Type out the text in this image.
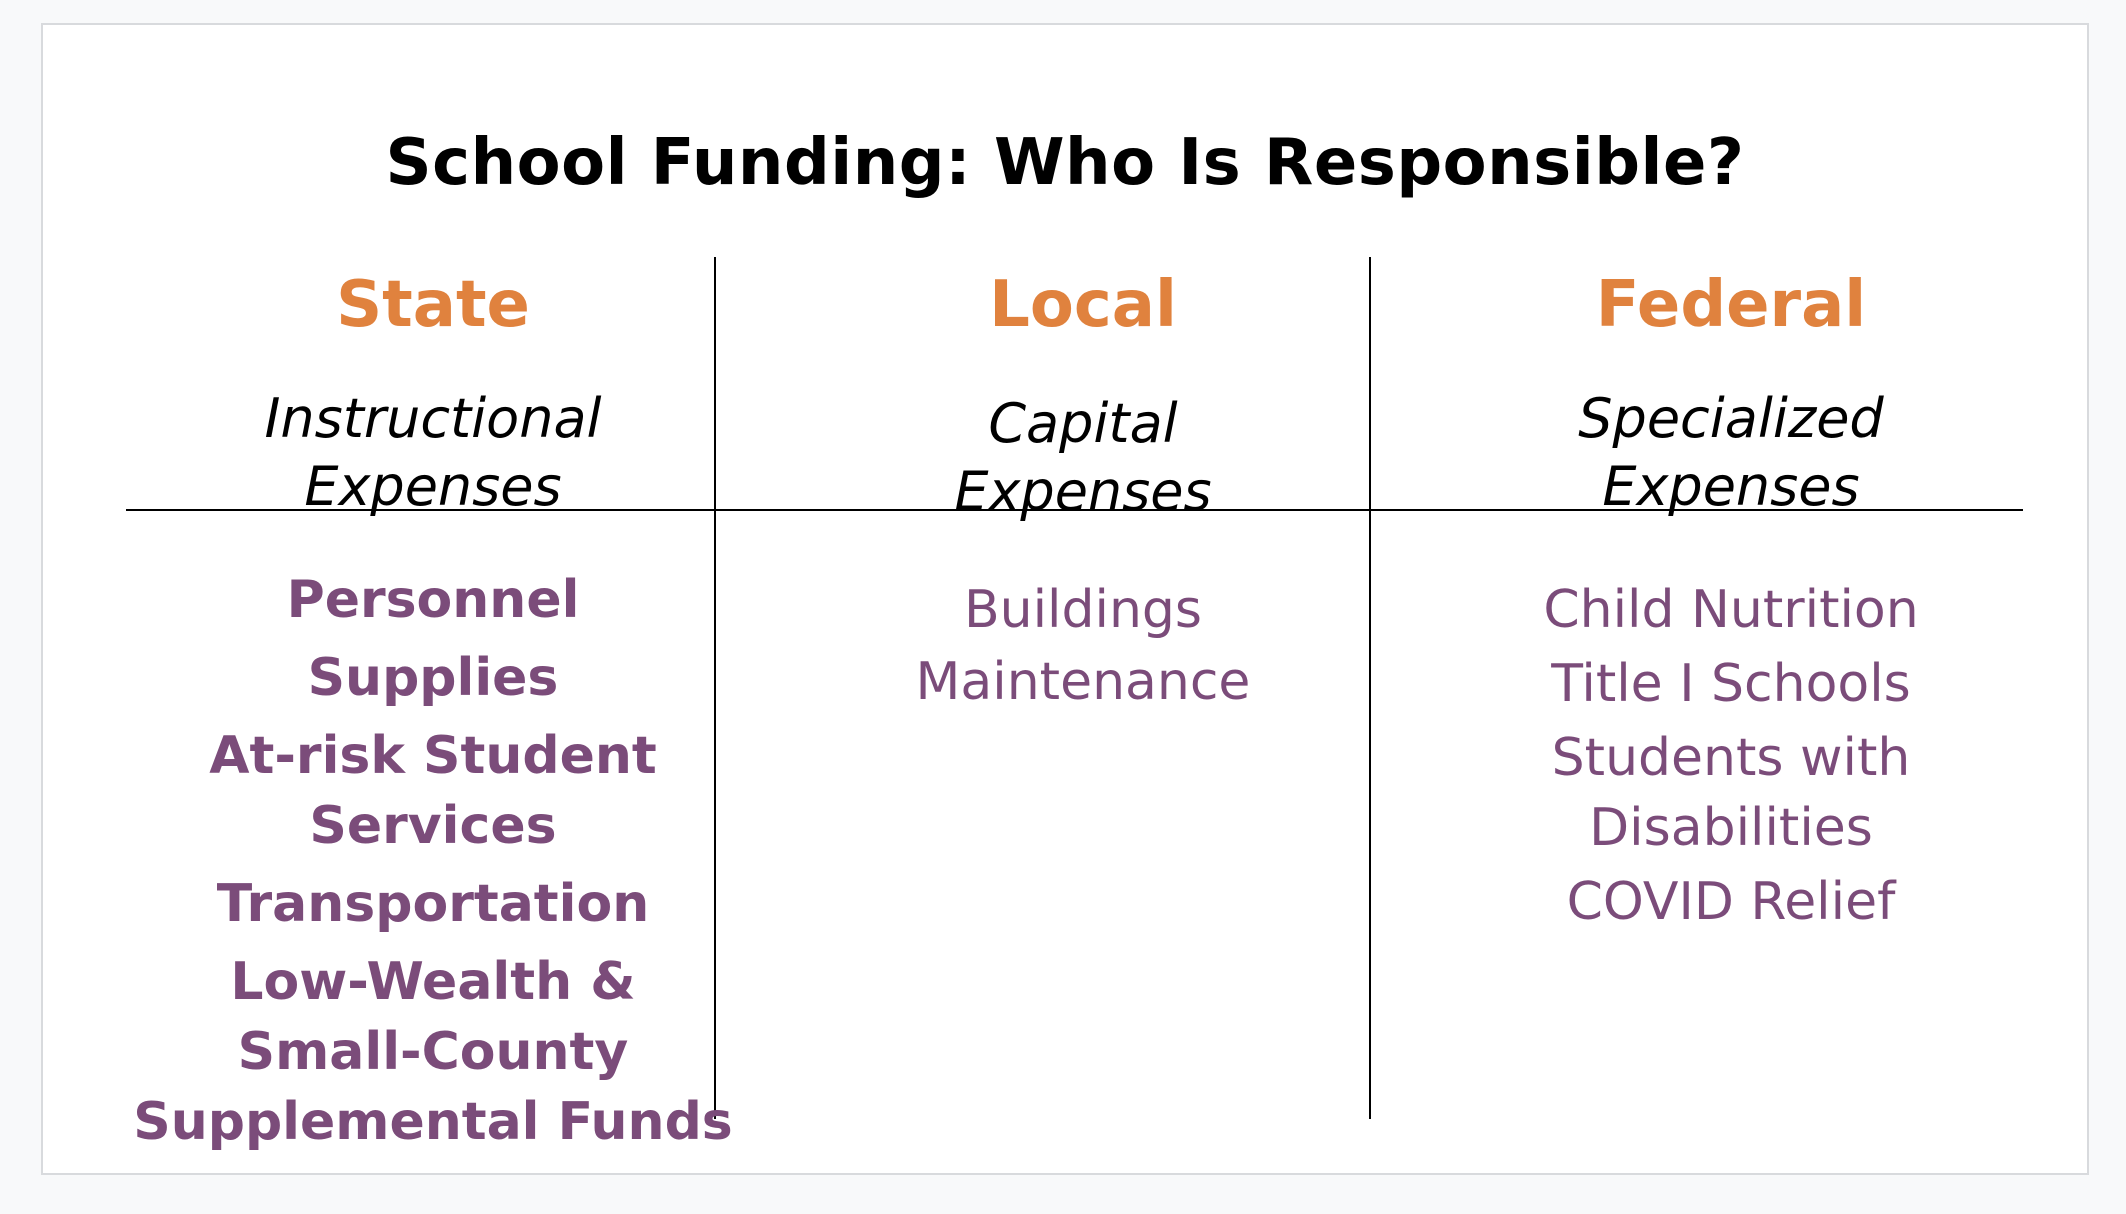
School Funding: Who Is Responsible?
State
Instructional
Expenses
Personnel
Supplies
At-risk Student
Services
Transportation
Low-Wealth &
Small-County
Supplemental Funds
Local
Capital
Expenses
Buildings
Maintenance
Federal
Specialized
Expenses
Child Nutrition
Title I Schools
Students with
Disabilities
COVID Relief
